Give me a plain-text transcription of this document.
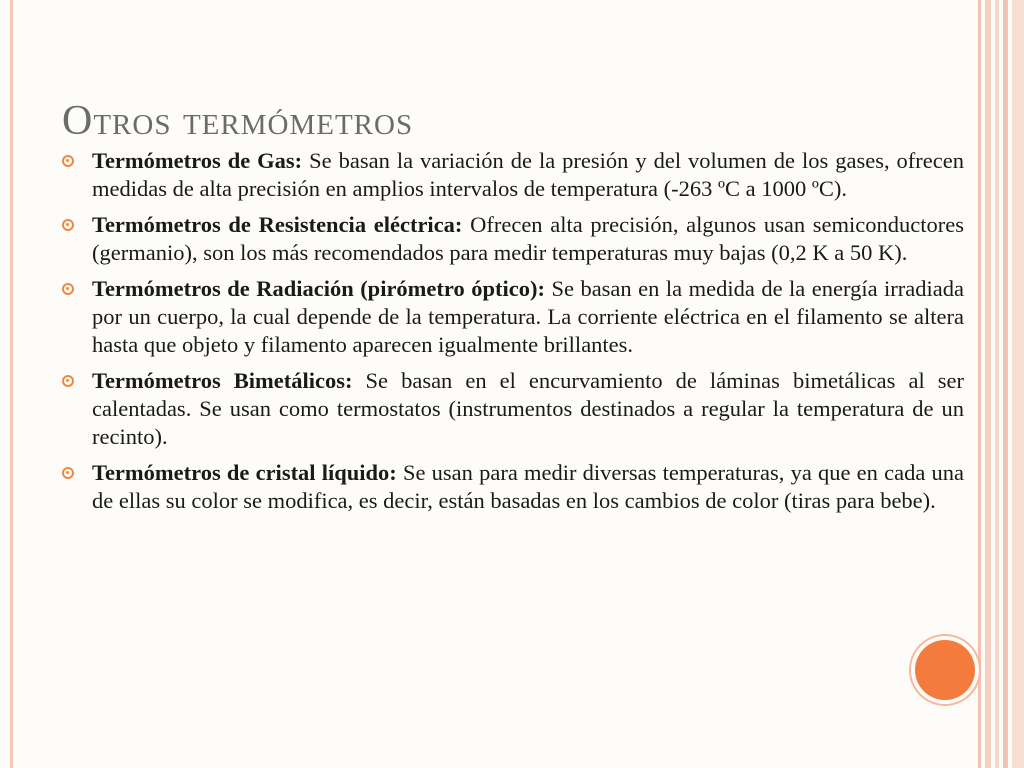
Otros termómetros
Termómetros de Gas: Se basan la variación de la presión y del volumen de los gases, ofrecen medidas de alta precisión en amplios intervalos de temperatura (-263 ºC a 1000 ºC).
Termómetros de Resistencia eléctrica: Ofrecen alta precisión, algunos usan semiconductores (germanio), son los más recomendados para medir temperaturas muy bajas (0,2 K a 50 K).
Termómetros de Radiación (pirómetro óptico): Se basan en la medida de la energía irradiada por un cuerpo, la cual depende de la temperatura. La corriente eléctrica en el filamento se altera hasta que objeto y filamento aparecen igualmente brillantes.
Termómetros Bimetálicos: Se basan en el encurvamiento de láminas bimetálicas al ser calentadas. Se usan como termostatos (instrumentos destinados a regular la temperatura de un recinto).
Termómetros de cristal líquido: Se usan para medir diversas temperaturas, ya que en cada una de ellas su color se modifica, es decir, están basadas en los cambios de color (tiras para bebe).
